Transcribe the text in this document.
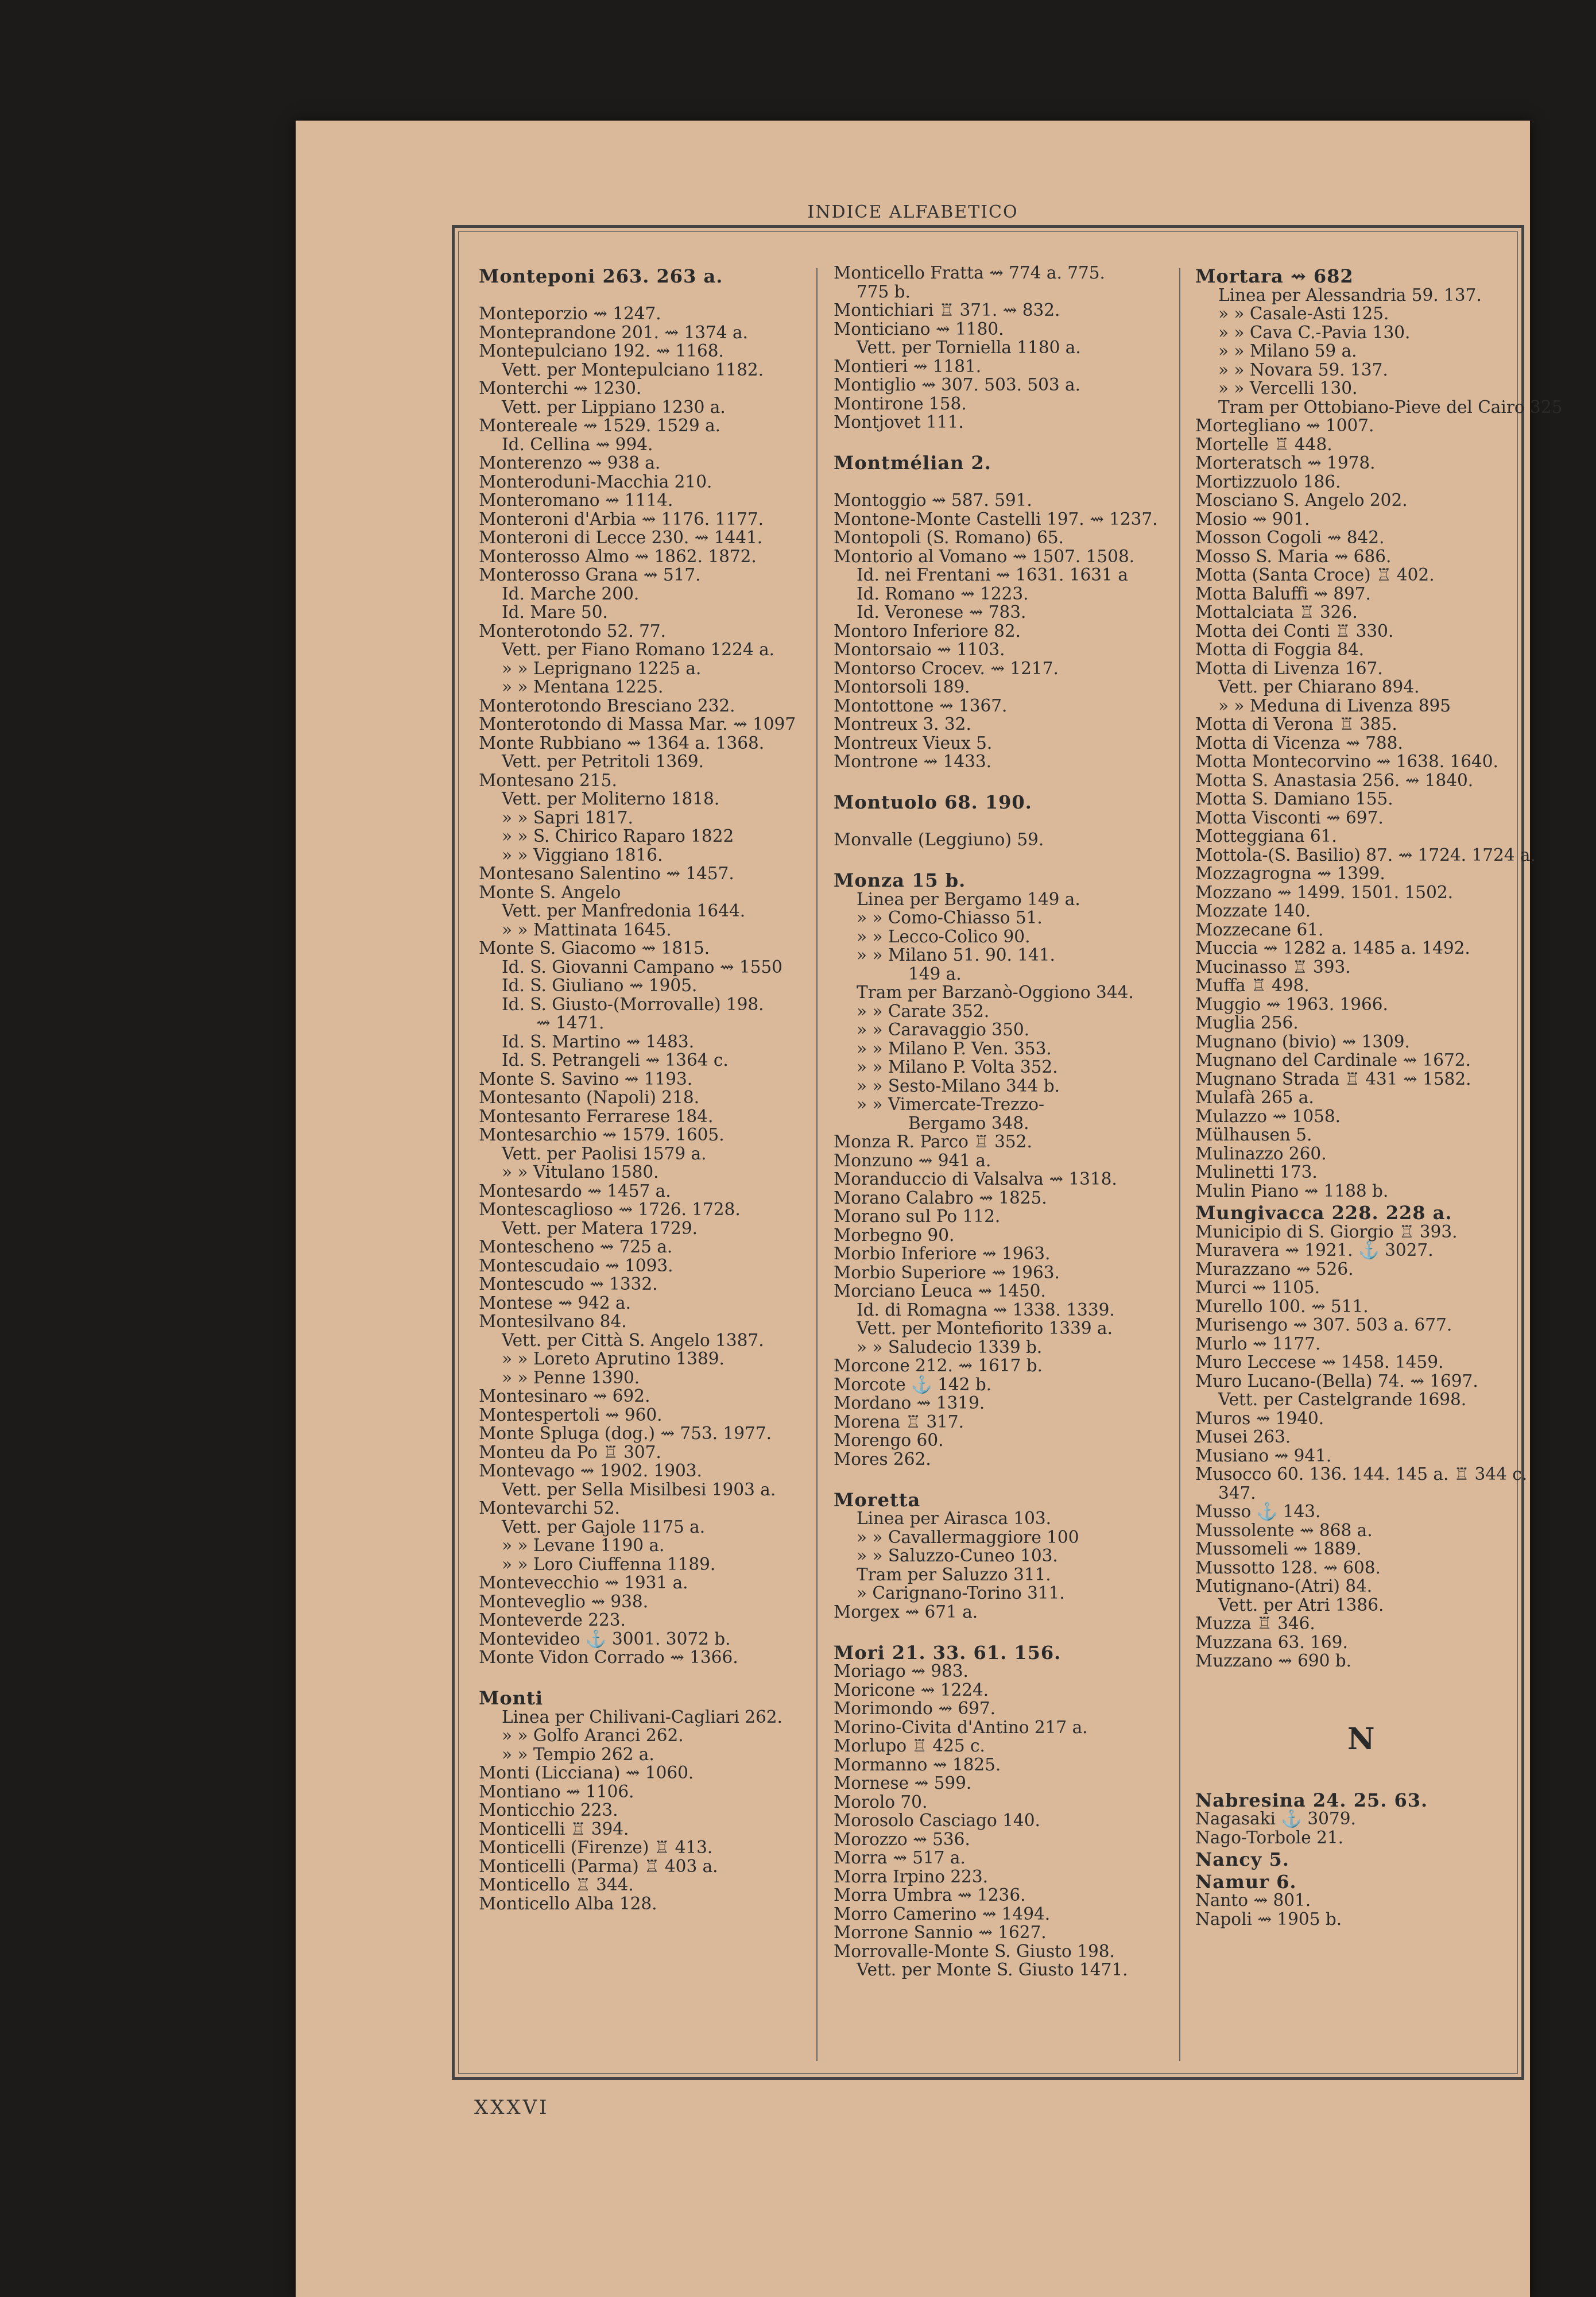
INDICE ALFABETICO
Monteponi 263. 263 a.
Monteporzio ⇝ 1247.
Monteprandone 201. ⇝ 1374 a.
Montepulciano 192. ⇝ 1168.
Vett. per Montepulciano 1182.
Monterchi ⇝ 1230.
Vett. per Lippiano 1230 a.
Montereale ⇝ 1529. 1529 a.
Id. Cellina ⇝ 994.
Monterenzo ⇝ 938 a.
Monteroduni-Macchia 210.
Monteromano ⇝ 1114.
Monteroni d'Arbia ⇝ 1176. 1177.
Monteroni di Lecce 230. ⇝ 1441.
Monterosso Almo ⇝ 1862. 1872.
Monterosso Grana ⇝ 517.
Id. Marche 200.
Id. Mare 50.
Monterotondo 52. 77.
Vett. per Fiano Romano 1224 a.
» » Leprignano 1225 a.
» » Mentana 1225.
Monterotondo Bresciano 232.
Monterotondo di Massa Mar. ⇝ 1097
Monte Rubbiano ⇝ 1364 a. 1368.
Vett. per Petritoli 1369.
Montesano 215.
Vett. per Moliterno 1818.
» » Sapri 1817.
» » S. Chirico Raparo 1822
» » Viggiano 1816.
Montesano Salentino ⇝ 1457.
Monte S. Angelo
Vett. per Manfredonia 1644.
» » Mattinata 1645.
Monte S. Giacomo ⇝ 1815.
Id. S. Giovanni Campano ⇝ 1550
Id. S. Giuliano ⇝ 1905.
Id. S. Giusto-(Morrovalle) 198.
⇝ 1471.
Id. S. Martino ⇝ 1483.
Id. S. Petrangeli ⇝ 1364 c.
Monte S. Savino ⇝ 1193.
Montesanto (Napoli) 218.
Montesanto Ferrarese 184.
Montesarchio ⇝ 1579. 1605.
Vett. per Paolisi 1579 a.
» » Vitulano 1580.
Montesardo ⇝ 1457 a.
Montescaglioso ⇝ 1726. 1728.
Vett. per Matera 1729.
Montescheno ⇝ 725 a.
Montescudaio ⇝ 1093.
Montescudo ⇝ 1332.
Montese ⇝ 942 a.
Montesilvano 84.
Vett. per Città S. Angelo 1387.
» » Loreto Aprutino 1389.
» » Penne 1390.
Montesinaro ⇝ 692.
Montespertoli ⇝ 960.
Monte Spluga (dog.) ⇝ 753. 1977.
Monteu da Po ♖ 307.
Montevago ⇝ 1902. 1903.
Vett. per Sella Misilbesi 1903 a.
Montevarchi 52.
Vett. per Gajole 1175 a.
» » Levane 1190 a.
» » Loro Ciuffenna 1189.
Montevecchio ⇝ 1931 a.
Monteveglio ⇝ 938.
Monteverde 223.
Montevideo ⚓ 3001. 3072 b.
Monte Vidon Corrado ⇝ 1366.
Monti
Linea per Chilivani-Cagliari 262.
» » Golfo Aranci 262.
» » Tempio 262 a.
Monti (Licciana) ⇝ 1060.
Montiano ⇝ 1106.
Monticchio 223.
Monticelli ♖ 394.
Monticelli (Firenze) ♖ 413.
Monticelli (Parma) ♖ 403 a.
Monticello ♖ 344.
Monticello Alba 128.
Monticello Fratta ⇝ 774 a. 775.
775 b.
Montichiari ♖ 371. ⇝ 832.
Monticiano ⇝ 1180.
Vett. per Torniella 1180 a.
Montieri ⇝ 1181.
Montiglio ⇝ 307. 503. 503 a.
Montirone 158.
Montjovet 111.
Montmélian 2.
Montoggio ⇝ 587. 591.
Montone-Monte Castelli 197. ⇝ 1237.
Montopoli (S. Romano) 65.
Montorio al Vomano ⇝ 1507. 1508.
Id. nei Frentani ⇝ 1631. 1631 a
Id. Romano ⇝ 1223.
Id. Veronese ⇝ 783.
Montoro Inferiore 82.
Montorsaio ⇝ 1103.
Montorso Crocev. ⇝ 1217.
Montorsoli 189.
Montottone ⇝ 1367.
Montreux 3. 32.
Montreux Vieux 5.
Montrone ⇝ 1433.
Montuolo 68. 190.
Monvalle (Leggiuno) 59.
Monza 15 b.
Linea per Bergamo 149 a.
» » Como-Chiasso 51.
» » Lecco-Colico 90.
» » Milano 51. 90. 141.
149 a.
Tram per Barzanò-Oggiono 344.
» » Carate 352.
» » Caravaggio 350.
» » Milano P. Ven. 353.
» » Milano P. Volta 352.
» » Sesto-Milano 344 b.
» » Vimercate-Trezzo-
Bergamo 348.
Monza R. Parco ♖ 352.
Monzuno ⇝ 941 a.
Moranduccio di Valsalva ⇝ 1318.
Morano Calabro ⇝ 1825.
Morano sul Po 112.
Morbegno 90.
Morbio Inferiore ⇝ 1963.
Morbio Superiore ⇝ 1963.
Morciano Leuca ⇝ 1450.
Id. di Romagna ⇝ 1338. 1339.
Vett. per Montefiorito 1339 a.
» » Saludecio 1339 b.
Morcone 212. ⇝ 1617 b.
Morcote ⚓ 142 b.
Mordano ⇝ 1319.
Morena ♖ 317.
Morengo 60.
Mores 262.
Moretta
Linea per Airasca 103.
» » Cavallermaggiore 100
» » Saluzzo-Cuneo 103.
Tram per Saluzzo 311.
» Carignano-Torino 311.
Morgex ⇝ 671 a.
Mori 21. 33. 61. 156.
Moriago ⇝ 983.
Moricone ⇝ 1224.
Morimondo ⇝ 697.
Morino-Civita d'Antino 217 a.
Morlupo ♖ 425 c.
Mormanno ⇝ 1825.
Mornese ⇝ 599.
Morolo 70.
Morosolo Casciago 140.
Morozzo ⇝ 536.
Morra ⇝ 517 a.
Morra Irpino 223.
Morra Umbra ⇝ 1236.
Morro Camerino ⇝ 1494.
Morrone Sannio ⇝ 1627.
Morrovalle-Monte S. Giusto 198.
Vett. per Monte S. Giusto 1471.
Mortara ⇝ 682
Linea per Alessandria 59. 137.
» » Casale-Asti 125.
» » Cava C.-Pavia 130.
» » Milano 59 a.
» » Novara 59. 137.
» » Vercelli 130.
Tram per Ottobiano-Pieve del Cairo 325
Mortegliano ⇝ 1007.
Mortelle ♖ 448.
Morteratsch ⇝ 1978.
Mortizzuolo 186.
Mosciano S. Angelo 202.
Mosio ⇝ 901.
Mosson Cogoli ⇝ 842.
Mosso S. Maria ⇝ 686.
Motta (Santa Croce) ♖ 402.
Motta Baluffi ⇝ 897.
Mottalciata ♖ 326.
Motta dei Conti ♖ 330.
Motta di Foggia 84.
Motta di Livenza 167.
Vett. per Chiarano 894.
» » Meduna di Livenza 895
Motta di Verona ♖ 385.
Motta di Vicenza ⇝ 788.
Motta Montecorvino ⇝ 1638. 1640.
Motta S. Anastasia 256. ⇝ 1840.
Motta S. Damiano 155.
Motta Visconti ⇝ 697.
Motteggiana 61.
Mottola-(S. Basilio) 87. ⇝ 1724. 1724 a.
Mozzagrogna ⇝ 1399.
Mozzano ⇝ 1499. 1501. 1502.
Mozzate 140.
Mozzecane 61.
Muccia ⇝ 1282 a. 1485 a. 1492.
Mucinasso ♖ 393.
Muffa ♖ 498.
Muggio ⇝ 1963. 1966.
Muglia 256.
Mugnano (bivio) ⇝ 1309.
Mugnano del Cardinale ⇝ 1672.
Mugnano Strada ♖ 431 ⇝ 1582.
Mulafà 265 a.
Mulazzo ⇝ 1058.
Mülhausen 5.
Mulinazzo 260.
Mulinetti 173.
Mulin Piano ⇝ 1188 b.
Mungivacca 228. 228 a.
Municipio di S. Giorgio ♖ 393.
Muravera ⇝ 1921. ⚓ 3027.
Murazzano ⇝ 526.
Murci ⇝ 1105.
Murello 100. ⇝ 511.
Murisengo ⇝ 307. 503 a. 677.
Murlo ⇝ 1177.
Muro Leccese ⇝ 1458. 1459.
Muro Lucano-(Bella) 74. ⇝ 1697.
Vett. per Castelgrande 1698.
Muros ⇝ 1940.
Musei 263.
Musiano ⇝ 941.
Musocco 60. 136. 144. 145 a. ♖ 344 c.
347.
Musso ⚓ 143.
Mussolente ⇝ 868 a.
Mussomeli ⇝ 1889.
Mussotto 128. ⇝ 608.
Mutignano-(Atri) 84.
Vett. per Atri 1386.
Muzza ♖ 346.
Muzzana 63. 169.
Muzzano ⇝ 690 b.
N
Nabresina 24. 25. 63.
Nagasaki ⚓ 3079.
Nago-Torbole 21.
Nancy 5.
Namur 6.
Nanto ⇝ 801.
Napoli ⇝ 1905 b.
XXXVI
